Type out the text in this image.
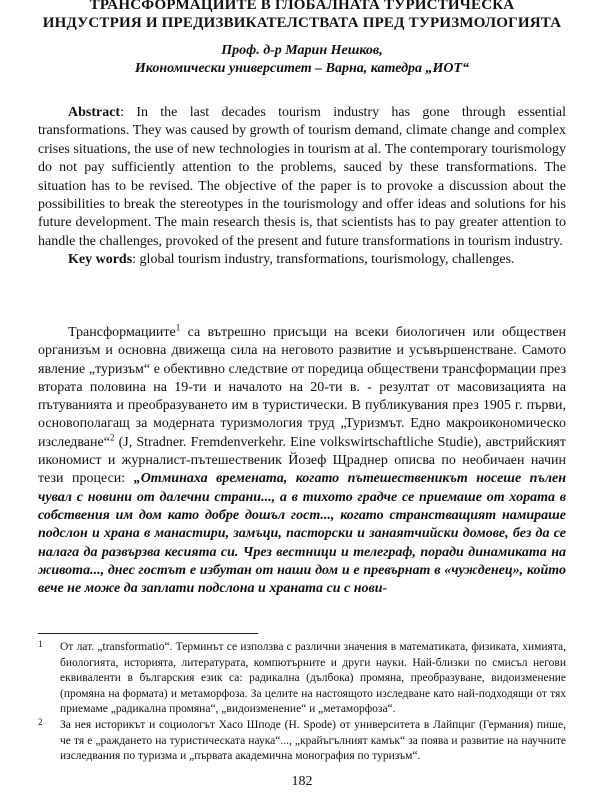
ТРАНСФОРМАЦИИТЕ В ГЛОБАЛНАТА ТУРИСТИЧЕСКА
ИНДУСТРИЯ И ПРЕДИЗВИКАТЕЛСТВАТА ПРЕД ТУРИЗМОЛОГИЯТА
Проф. д-р Марин Нешков,
Икономически университет – Варна, катедра „ИОТ“

Abstract: In the last decades tourism industry has gone through essential transformations. They was caused by growth of tourism demand, climate change and complex crises situations, the use of new technologies in tourism at al. The contemporary tourismology do not pay sufficiently attention to the problems, sauced by these transformations. The situation has to be revised. The objective of the paper is to provoke a discussion about the possibilities to break the stereotypes in the tourismology and offer ideas and solutions for his future development. The main research thesis is, that scientists has to pay greater attention to handle the challenges, provoked of the present and future transformations in tourism industry.

Key words: global tourism industry, transformations, tourismology, challenges.

Трансформациите$^1$ са вътрешно присъщи на всеки биологичен или обществен организъм и основна движеща сила на неговото развитие и усъвършенстване. Самото явление „туризъм“ е обективно следствие от поредица обществени трансформации през втората половина на 19-ти и началото на 20-ти в. - резултат от масовизацията на пътуванията и преобразуването им в туристически. В публикувания през 1905 г. първи, основополагащ за модерната туризмология труд „Туризмът. Едно макроикономическо изследване“$^2$ (J, Stradner. Fremdenverkehr. Eine volkswirtschaftliche Studie), австрийският икономист и журналист-пътешественик Йозеф Щраднер описва по необичаен начин тези процеси: „Отминаха времената, когато пътешественикът носеше пълен чувал с новини от далечни страни..., а в тихото градче се приемаше от хората в собствения им дом като добре дошъл гост..., когато странстващият намираше подслон и храна в манастири, замъци, пасторски и занаятчийски домове, без да се налага да развързва кесията си. Чрез вестници и телеграф, поради динамиката на живота..., днес гостът е избутан от наши дом и е превърнат в «чужденец», който вече не може да заплати подслона и храната си с нови-

1 От лат. „transformatio“. Терминът се използва с различни значения в математиката, физиката, химията, биологията, историята, литературата, компютърните и други науки. Най-близки по смисъл негови еквиваленти в българския език са: радикална (дълбока) промяна, преобразуване, видоизменение (промяна на формата) и метаморфоза. За целите на настоящото изследване като най-подходящи от тях приемаме „радикална промяна“, „видоизменение“ и „метаморфоза“.

2 За нея историкът и социологът Хасо Шподе (H. Spode) от университета в Лайпциг (Германия) пише, че тя е „раждането на туристическата наука“..., „крайъгълният камък“ за поява и развитие на научните изследвания по туризма и „първата академична монография по туризъм“.

182
